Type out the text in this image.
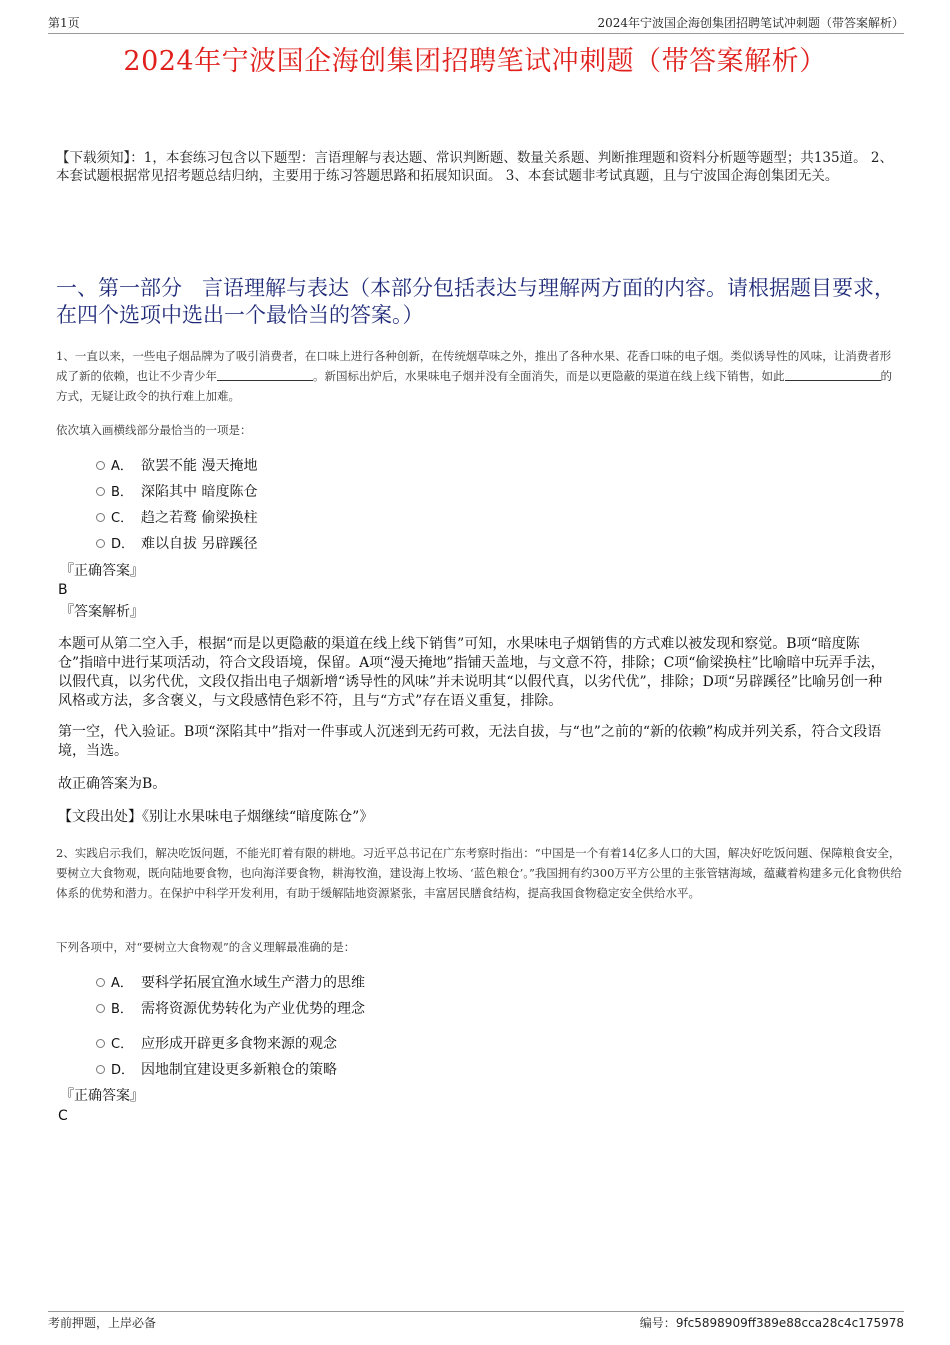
第1页	2024年宁波国企海创集团招聘笔试冲刺题（带答案解析）
2024年宁波国企海创集团招聘笔试冲刺题（带答案解析）

【下载须知】：1，本套练习包含以下题型：言语理解与表达题、常识判断题、数量关系题、判断推理题和资料分析题等题型；共135道。 2、本套试题根据常见招考题总结归纳，主要用于练习答题思路和拓展知识面。 3、本套试题非考试真题，且与宁波国企海创集团无关。

一、第一部分 言语理解与表达（本部分包括表达与理解两方面的内容。请根据题目要求，在四个选项中选出一个最恰当的答案。）

1、一直以来，一些电子烟品牌为了吸引消费者，在口味上进行各种创新，在传统烟草味之外，推出了各种水果、花香口味的电子烟。类似诱导性的风味，让消费者形成了新的依赖，也让不少青少年	。新国标出炉后，水果味电子烟并没有全面消失，而是以更隐蔽的渠道在线上线下销售，如此	的方式，无疑让政令的执行难上加难。

依次填入画横线部分最恰当的一项是：

A． 欲罢不能 漫天掩地
B． 深陷其中 暗度陈仓
C． 趋之若鹜 偷梁换柱
D． 难以自拔 另辟蹊径
『正确答案』
B
『答案解析』

本题可从第二空入手，根据“而是以更隐蔽的渠道在线上线下销售”可知，水果味电子烟销售的方式难以被发现和察觉。B项“暗度陈仓”指暗中进行某项活动，符合文段语境，保留。A项“漫天掩地”指铺天盖地，与文意不符，排除；C项“偷梁换柱”比喻暗中玩弄手法，以假代真，以劣代优，文段仅指出电子烟新增“诱导性的风味”并未说明其“以假代真，以劣代优”，排除；D项“另辟蹊径”比喻另创一种风格或方法，多含褒义，与文段感情色彩不符，且与“方式”存在语义重复，排除。

第一空，代入验证。B项“深陷其中”指对一件事或人沉迷到无药可救，无法自拔，与“也”之前的“新的依赖”构成并列关系，符合文段语境，当选。

故正确答案为B。

【文段出处】《别让水果味电子烟继续“暗度陈仓”》

2、实践启示我们，解决吃饭问题，不能光盯着有限的耕地。习近平总书记在广东考察时指出：“中国是一个有着14亿多人口的大国，解决好吃饭问题、保障粮食安全，要树立大食物观，既向陆地要食物，也向海洋要食物，耕海牧渔，建设海上牧场、‘蓝色粮仓’。”我国拥有约300万平方公里的主张管辖海域，蕴藏着构建多元化食物供给体系的优势和潜力。在保护中科学开发利用，有助于缓解陆地资源紧张，丰富居民膳食结构，提高我国食物稳定安全供给水平。

下列各项中，对“要树立大食物观”的含义理解最准确的是：

A． 要科学拓展宜渔水域生产潜力的思维
B． 需将资源优势转化为产业优势的理念
C． 应形成开辟更多食物来源的观念
D． 因地制宜建设更多新粮仓的策略
『正确答案』
C
考前押题，上岸必备	编号：9fc5898909ff389e88cca28c4c175978
